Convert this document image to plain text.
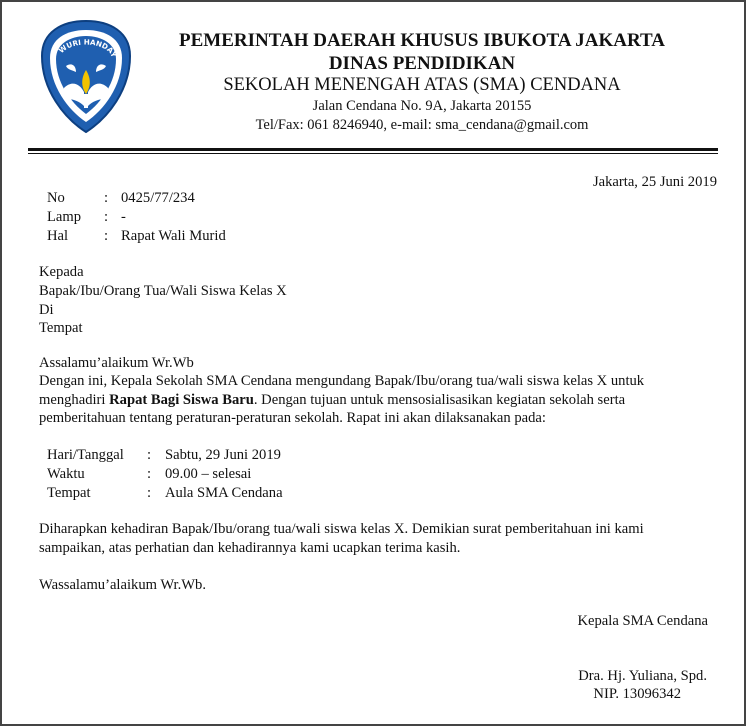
WURI HANDAY
PEMERINTAH DAERAH KHUSUS IBUKOTA JAKARTA
DINAS PENDIDIKAN
SEKOLAH MENENGAH ATAS (SMA) CENDANA
Jalan Cendana No. 9A, Jakarta 20155
Tel/Fax: 061 8246940, e-mail: sma_cendana@gmail.com
Jakarta, 25 Juni 2019
No	: 0425/77/234
Lamp : -
Hal : Rapat Wali Murid
Kepada
Bapak/Ibu/Orang Tua/Wali Siswa Kelas X
Di
Tempat
Assalamu’alaikum Wr.Wb
Dengan ini, Kepala Sekolah SMA Cendana mengundang Bapak/Ibu/orang tua/wali siswa kelas X untuk
menghadiri Rapat Bagi Siswa Baru. Dengan tujuan untuk mensosialisasikan kegiatan sekolah serta
pemberitahuan tentang peraturan-peraturan sekolah. Rapat ini akan dilaksanakan pada:
Hari/Tanggal : Sabtu, 29 Juni 2019
Waktu	: 09.00 – selesai
Tempat	: Aula SMA Cendana
Diharapkan kehadiran Bapak/Ibu/orang tua/wali siswa kelas X. Demikian surat pemberitahuan ini kami
sampaikan, atas perhatian dan kehadirannya kami ucapkan terima kasih.
Wassalamu’alaikum Wr.Wb.
Kepala SMA Cendana
Dra. Hj. Yuliana, Spd.
NIP. 13096342
